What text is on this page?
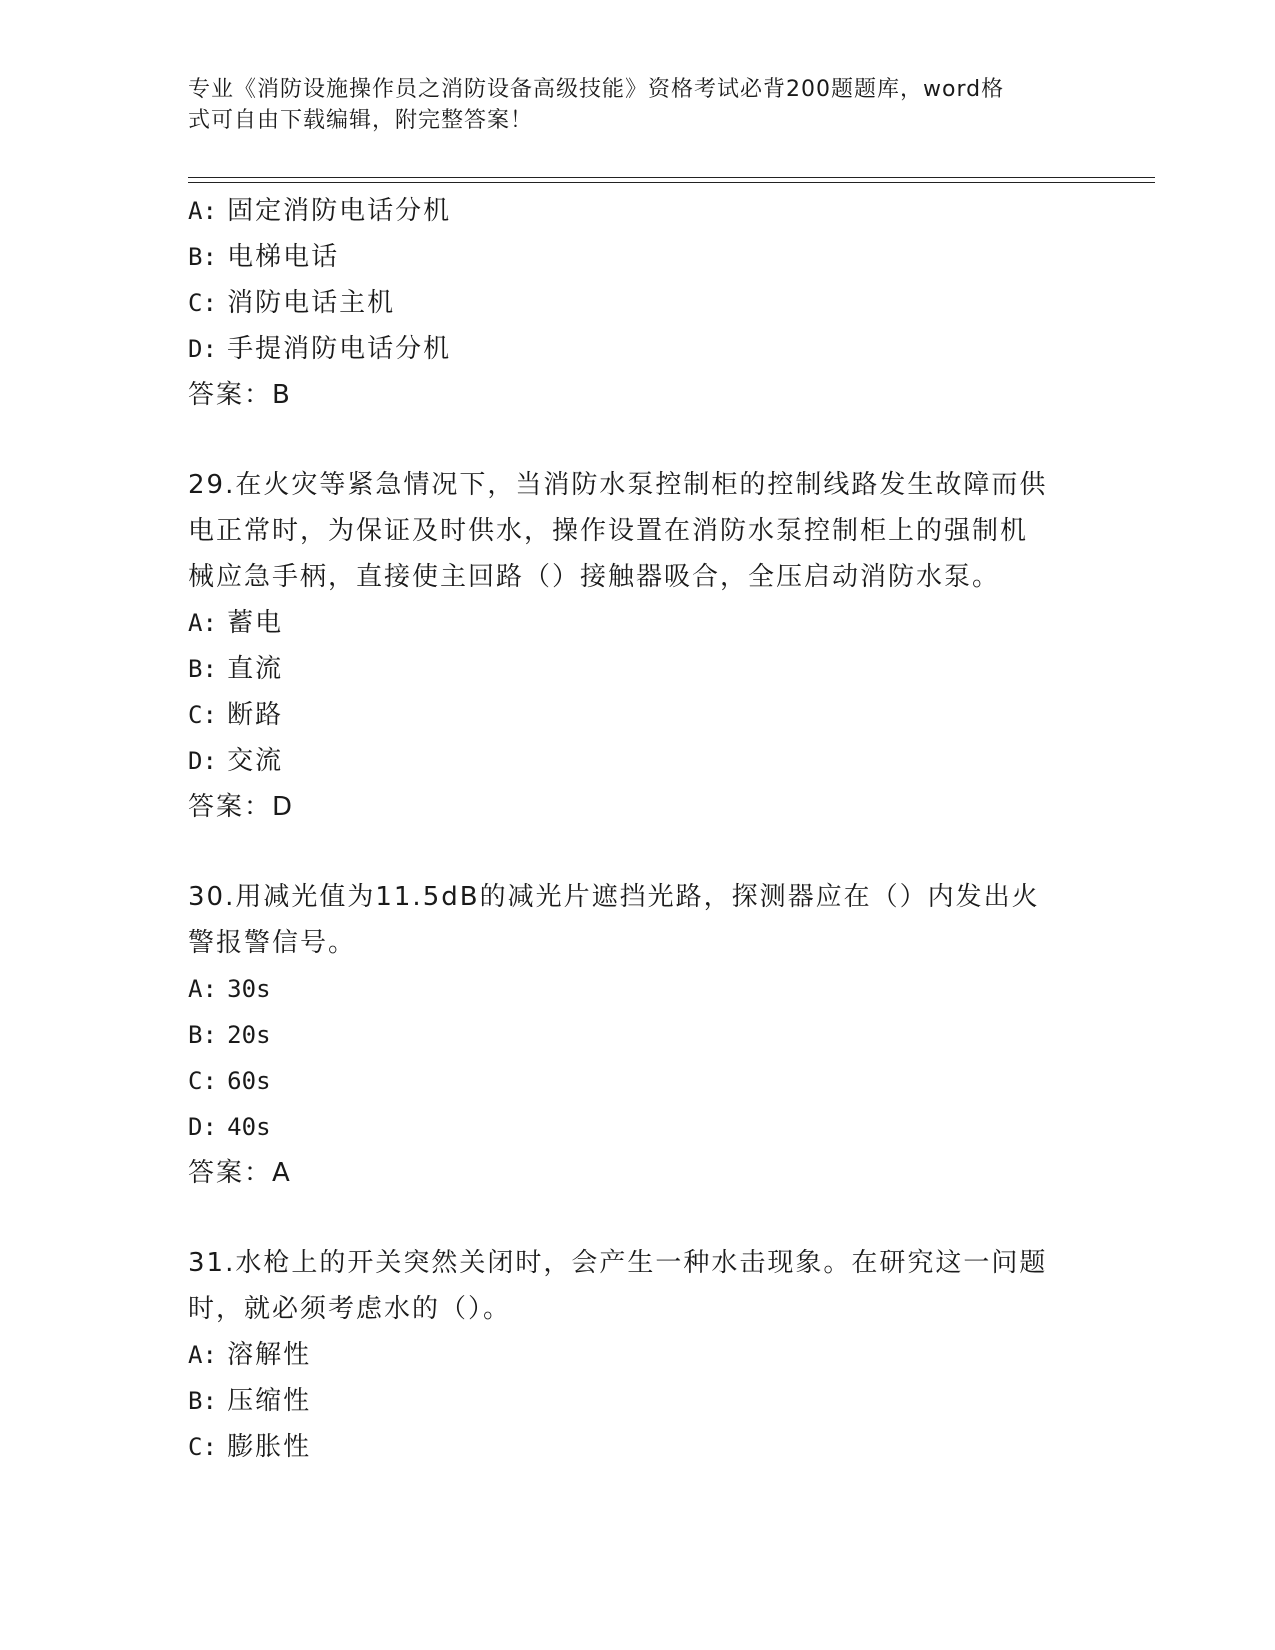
专业《消防设施操作员之消防设备高级技能》资格考试必背200题题库，word格
式可自由下载编辑，附完整答案！
A: 固定消防电话分机
B: 电梯电话
C: 消防电话主机
D: 手提消防电话分机
答案：B
29.在火灾等紧急情况下，当消防水泵控制柜的控制线路发生故障而供
电正常时，为保证及时供水，操作设置在消防水泵控制柜上的强制机
械应急手柄，直接使主回路（）接触器吸合，全压启动消防水泵。
A: 蓄电
B: 直流
C: 断路
D: 交流
答案：D
30.用减光值为11.5dB的减光片遮挡光路，探测器应在（）内发出火
警报警信号。
A: 30s
B: 20s
C: 60s
D: 40s
答案：A
31.水枪上的开关突然关闭时，会产生一种水击现象。在研究这一问题
时，就必须考虑水的（）。
A: 溶解性
B: 压缩性
C: 膨胀性
